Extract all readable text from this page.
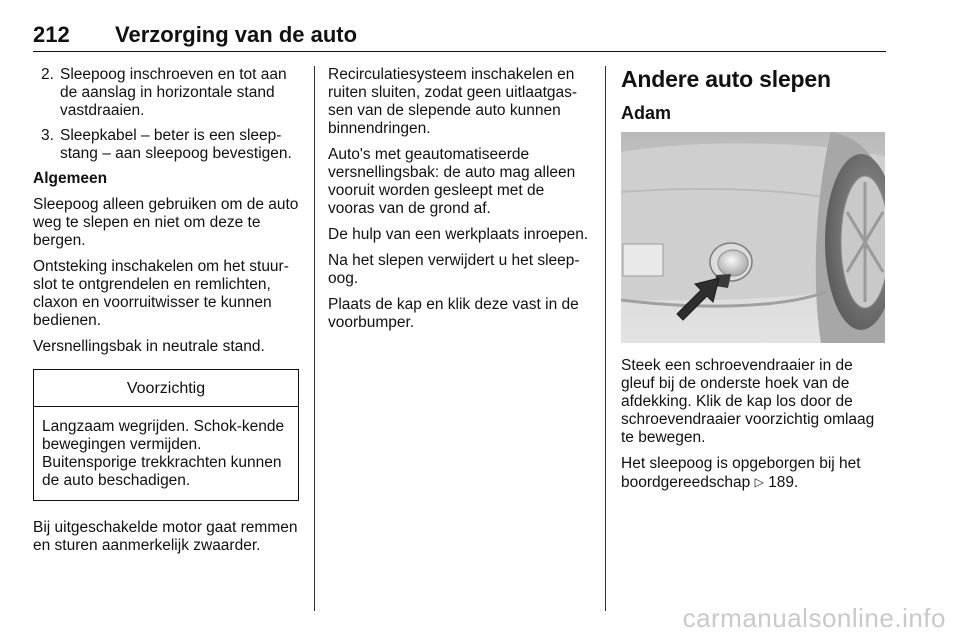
212 Verzorging van de auto
2. Sleepoog inschroeven en tot aan de aanslag in horizontale stand vastdraaien.
3. Sleepkabel – beter is een sleep-stang – aan sleepoog bevestigen.

Algemeen

Sleepoog alleen gebruiken om de auto weg te slepen en niet om deze te bergen.

Ontsteking inschakelen om het stuur-slot te ontgrendelen en remlichten, claxon en voorruitwisser te kunnen bedienen.

Versnellingsbak in neutrale stand.

Voorzichtig
Langzaam wegrijden. Schok-kende bewegingen vermijden. Buitensporige trekkrachten kunnen de auto beschadigen.

Bij uitgeschakelde motor gaat remmen en sturen aanmerkelijk zwaarder.

Recirculatiesysteem inschakelen en ruiten sluiten, zodat geen uitlaatgas-sen van de slepende auto kunnen binnendringen.

Auto's met geautomatiseerde versnellingsbak: de auto mag alleen vooruit worden gesleept met de vooras van de grond af.

De hulp van een werkplaats inroepen.

Na het slepen verwijdert u het sleep-oog.

Plaats de kap en klik deze vast in de voorbumper.

Andere auto slepen
Adam

Steek een schroevendraaier in de gleuf bij de onderste hoek van de afdekking. Klik de kap los door de schroevendraaier voorzichtig omlaag te bewegen.

Het sleepoog is opgeborgen bij het boordgereedschap ▷ 189.

carmanualsonline.info
